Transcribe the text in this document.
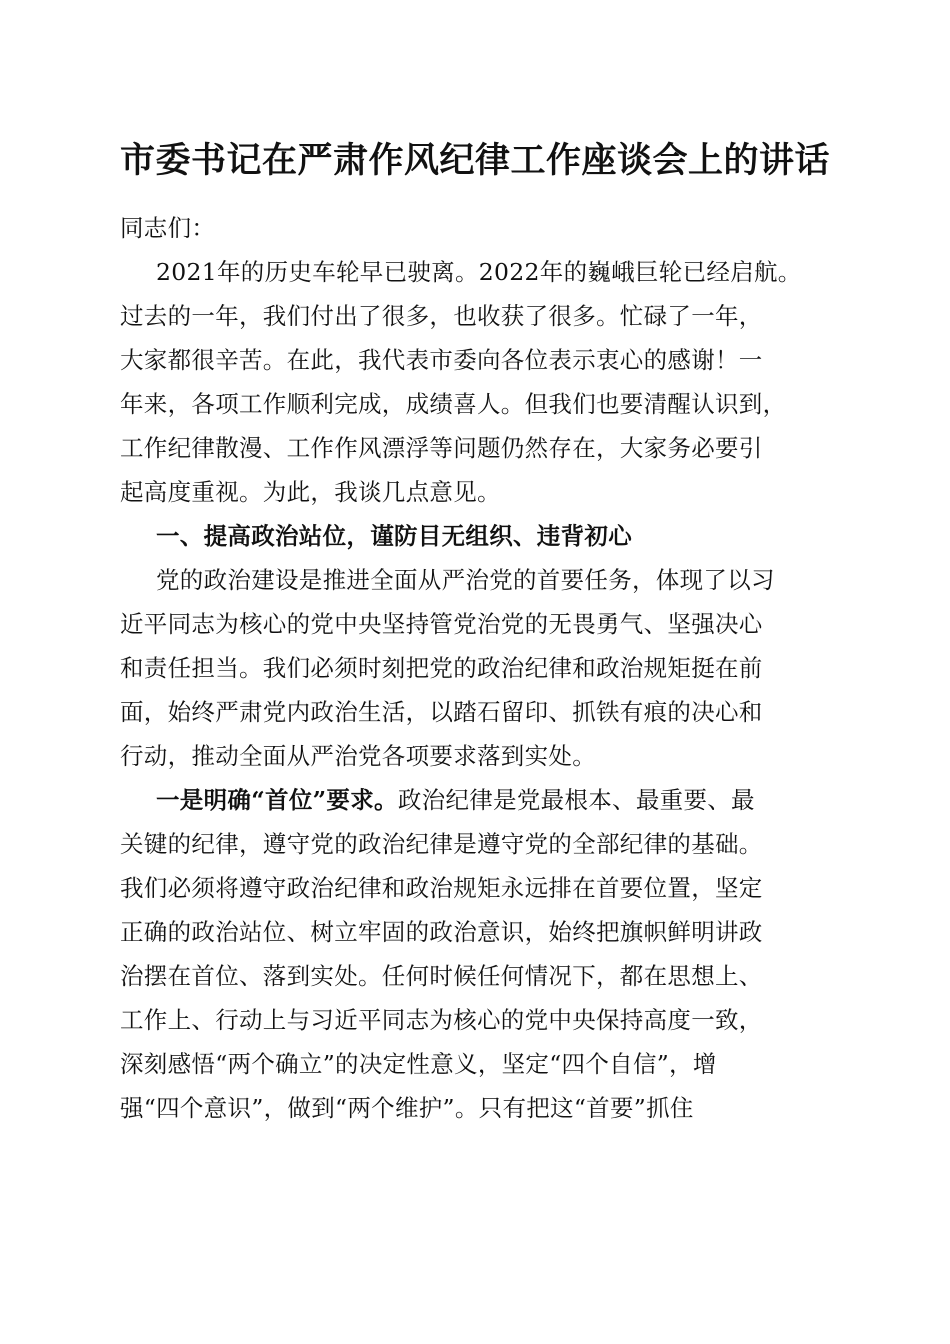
市委书记在严肃作风纪律工作座谈会上的讲话
同志们：
2021年的历史车轮早已驶离。2022年的巍峨巨轮已经启航。
过去的一年，我们付出了很多，也收获了很多。忙碌了一年，
大家都很辛苦。在此，我代表市委向各位表示衷心的感谢！一
年来，各项工作顺利完成，成绩喜人。但我们也要清醒认识到，
工作纪律散漫、工作作风漂浮等问题仍然存在，大家务必要引
起高度重视。为此，我谈几点意见。
一、提高政治站位，谨防目无组织、违背初心
党的政治建设是推进全面从严治党的首要任务，体现了以习
近平同志为核心的党中央坚持管党治党的无畏勇气、坚强决心
和责任担当。我们必须时刻把党的政治纪律和政治规矩挺在前
面，始终严肃党内政治生活，以踏石留印、抓铁有痕的决心和
行动，推动全面从严治党各项要求落到实处。
一是明确“首位”要求。政治纪律是党最根本、最重要、最
关键的纪律，遵守党的政治纪律是遵守党的全部纪律的基础。
我们必须将遵守政治纪律和政治规矩永远排在首要位置，坚定
正确的政治站位、树立牢固的政治意识，始终把旗帜鲜明讲政
治摆在首位、落到实处。任何时候任何情况下，都在思想上、
工作上、行动上与习近平同志为核心的党中央保持高度一致，
深刻感悟“两个确立”的决定性意义，坚定“四个自信”，增
强“四个意识”，做到“两个维护”。只有把这“首要”抓住
